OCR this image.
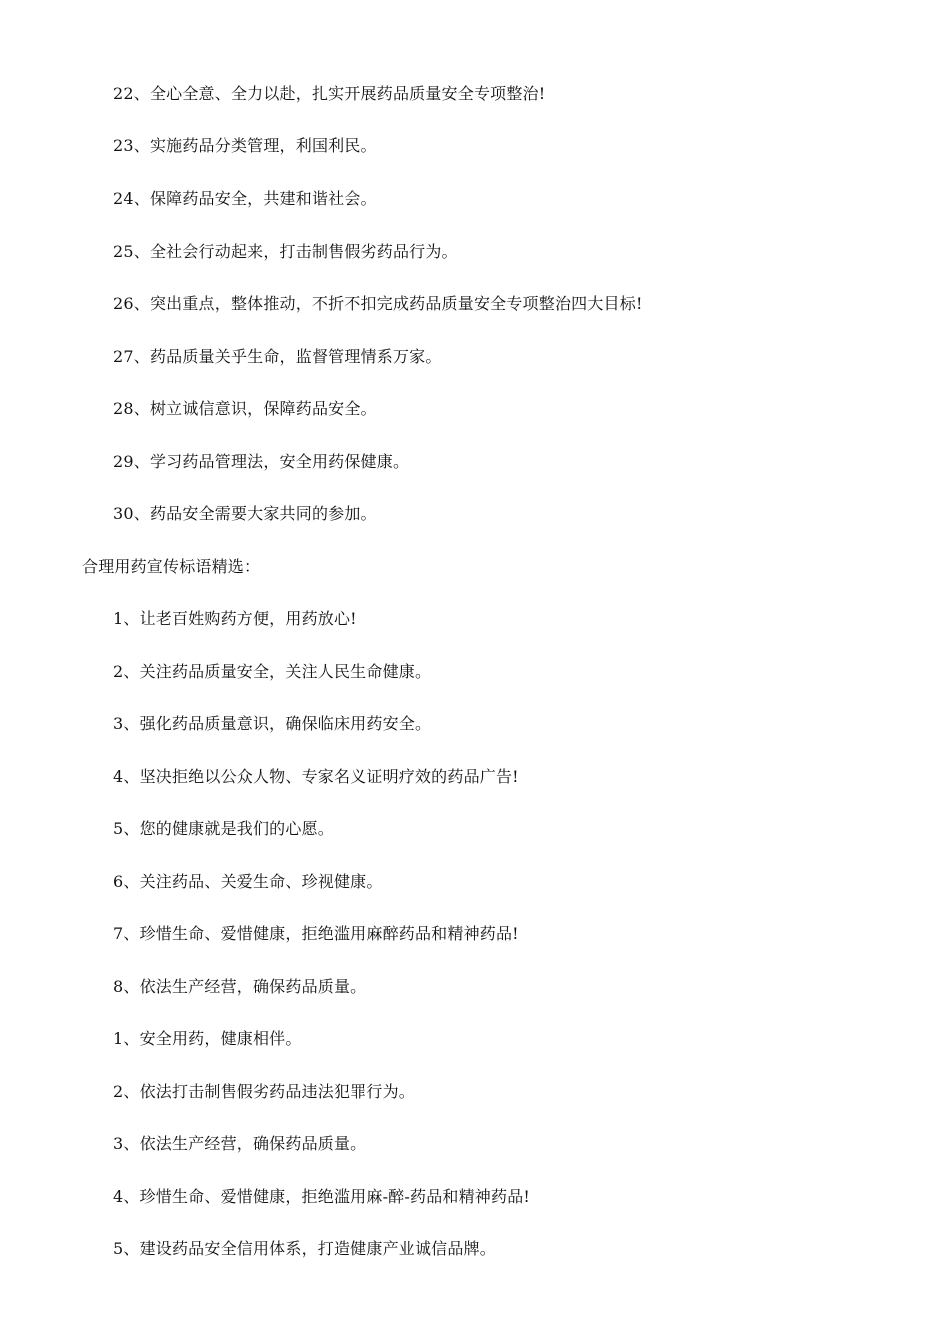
22、全心全意、全力以赴，扎实开展药品质量安全专项整治!
23、实施药品分类管理，利国利民。
24、保障药品安全，共建和谐社会。
25、全社会行动起来，打击制售假劣药品行为。
26、突出重点，整体推动，不折不扣完成药品质量安全专项整治四大目标!
27、药品质量关乎生命，监督管理情系万家。
28、树立诚信意识，保障药品安全。
29、学习药品管理法，安全用药保健康。
30、药品安全需要大家共同的参加。
合理用药宣传标语精选：
1、让老百姓购药方便，用药放心!
2、关注药品质量安全，关注人民生命健康。
3、强化药品质量意识，确保临床用药安全。
4、坚决拒绝以公众人物、专家名义证明疗效的药品广告!
5、您的健康就是我们的心愿。
6、关注药品、关爱生命、珍视健康。
7、珍惜生命、爱惜健康，拒绝滥用麻醉药品和精神药品!
8、依法生产经营，确保药品质量。
1、安全用药，健康相伴。
2、依法打击制售假劣药品违法犯罪行为。
3、依法生产经营，确保药品质量。
4、珍惜生命、爱惜健康，拒绝滥用麻-醉-药品和精神药品!
5、建设药品安全信用体系，打造健康产业诚信品牌。
